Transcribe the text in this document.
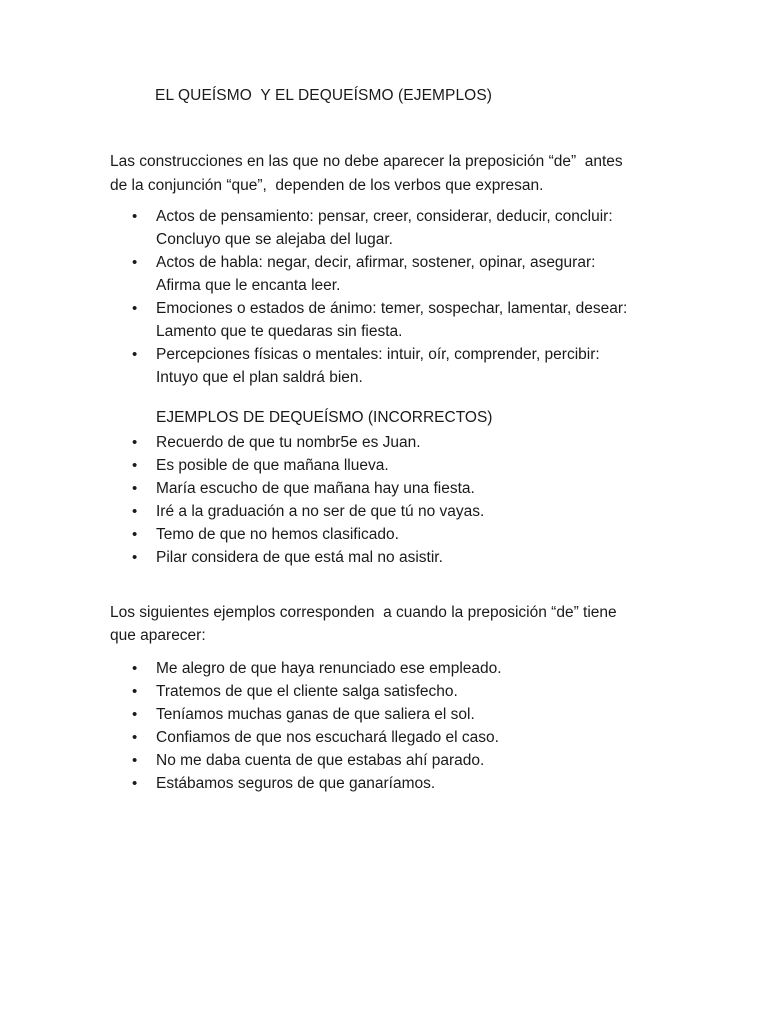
EL QUEÍSMO  Y EL DEQUEÍSMO (EJEMPLOS)

Las construcciones en las que no debe aparecer la preposición “de”  antes

de la conjunción “que”,  dependen de los verbos que expresan.

• Actos de pensamiento: pensar, creer, considerar, deducir, concluir:
Concluyo que se alejaba del lugar.
• Actos de habla: negar, decir, afirmar, sostener, opinar, asegurar:
Afirma que le encanta leer.
• Emociones o estados de ánimo: temer, sospechar, lamentar, desear:
Lamento que te quedaras sin fiesta.
• Percepciones físicas o mentales: intuir, oír, comprender, percibir:
Intuyo que el plan saldrá bien.
EJEMPLOS DE DEQUEÍSMO (INCORRECTOS)
• Recuerdo de que tu nombr5e es Juan.
• Es posible de que mañana llueva.
• María escucho de que mañana hay una fiesta.
• Iré a la graduación a no ser de que tú no vayas.
• Temo de que no hemos clasificado.
• Pilar considera de que está mal no asistir.

Los siguientes ejemplos corresponden  a cuando la preposición “de” tiene

que aparecer:

• Me alegro de que haya renunciado ese empleado.
• Tratemos de que el cliente salga satisfecho.
• Teníamos muchas ganas de que saliera el sol.
• Confiamos de que nos escuchará llegado el caso.
• No me daba cuenta de que estabas ahí parado.
• Estábamos seguros de que ganaríamos.
